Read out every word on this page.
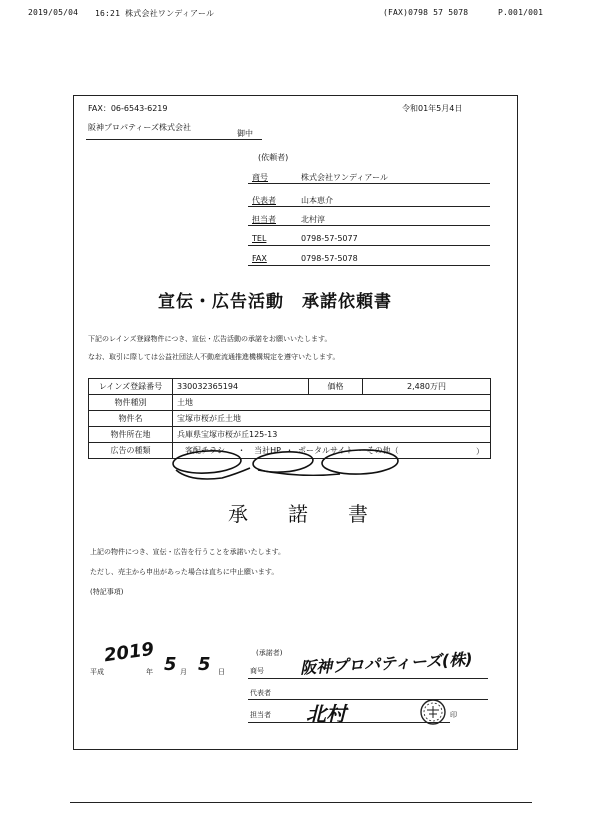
2019/05/04 16:21 株式会社ワンディアール	(FAX)0798 57 5078	P.001/001
FAX：06-6543-6219	令和01年5月4日
阪神プロパティーズ株式会社
御中
(依頼者)
商号	株式会社ワンディアール
代表者	山本恵介
担当者	北村淳
TEL	0798-57-5077
FAX	0798-57-5078
宣伝・広告活動　承諾依頼書
下記のレインズ登録物件につき、宣伝・広告活動の承諾をお願いいたします。
なお、取引に際しては公益社団法人不動産流通推進機構規定を遵守いたします。
レインズ登録番号	330032365194	価格	2,480万円
物件種別	土地		
物件名	宝塚市桜が丘土地		
物件所在地	兵庫県宝塚市桜が丘125-13		
広告の種類	客配チラシ ・ 当社HP ・ ポータルサイト ・ その他（ ）		
承　　諾　　書
上記の物件につき、宣伝・広告を行うことを承諾いたします。
ただし、売主から申出があった場合は直ちに中止願います。
(特記事項)
平成
2019
年 5 月 5 日
(承諾者)
商号 阪神プロパティーズ(株)
代表者
担当者 北村	印
